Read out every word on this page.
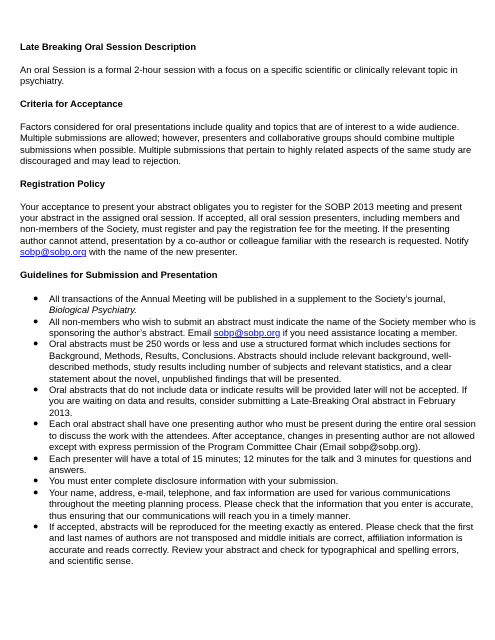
Late Breaking Oral Session Description

An oral Session is a formal 2-hour session with a focus on a specific scientific or clinically relevant topic in psychiatry.

Criteria for Acceptance

Factors considered for oral presentations include quality and topics that are of interest to a wide audience. Multiple submissions are allowed; however, presenters and collaborative groups should combine multiple submissions when possible. Multiple submissions that pertain to highly related aspects of the same study are discouraged and may lead to rejection.

Registration Policy

Your acceptance to present your abstract obligates you to register for the SOBP 2013 meeting and present your abstract in the assigned oral session. If accepted, all oral session presenters, including members and non-members of the Society, must register and pay the registration fee for the meeting. If the presenting author cannot attend, presentation by a co-author or colleague familiar with the research is requested. Notify sobp@sobp.org with the name of the new presenter.

Guidelines for Submission and Presentation
● All transactions of the Annual Meeting will be published in a supplement to the Society’s journal, Biological Psychiatry.
● All non-members who wish to submit an abstract must indicate the name of the Society member who is sponsoring the author’s abstract. Email sobp@sobp.org if you need assistance locating a member.
● Oral abstracts must be 250 words or less and use a structured format which includes sections for Background, Methods, Results, Conclusions. Abstracts should include relevant background, well-described methods, study results including number of subjects and relevant statistics, and a clear statement about the novel, unpublished findings that will be presented.
● Oral abstracts that do not include data or indicate results will be provided later will not be accepted. If you are waiting on data and results, consider submitting a Late-Breaking Oral abstract in February 2013.
● Each oral abstract shall have one presenting author who must be present during the entire oral session to discuss the work with the attendees. After acceptance, changes in presenting author are not allowed except with express permission of the Program Committee Chair (Email sobp@sobp.org).
● Each presenter will have a total of 15 minutes; 12 minutes for the talk and 3 minutes for questions and answers.
● You must enter complete disclosure information with your submission.
● Your name, address, e-mail, telephone, and fax information are used for various communications throughout the meeting planning process. Please check that the information that you enter is accurate, thus ensuring that our communications will reach you in a timely manner.
● If accepted, abstracts will be reproduced for the meeting exactly as entered. Please check that the first and last names of authors are not transposed and middle initials are correct, affiliation information is accurate and reads correctly. Review your abstract and check for typographical and spelling errors, and scientific sense.
